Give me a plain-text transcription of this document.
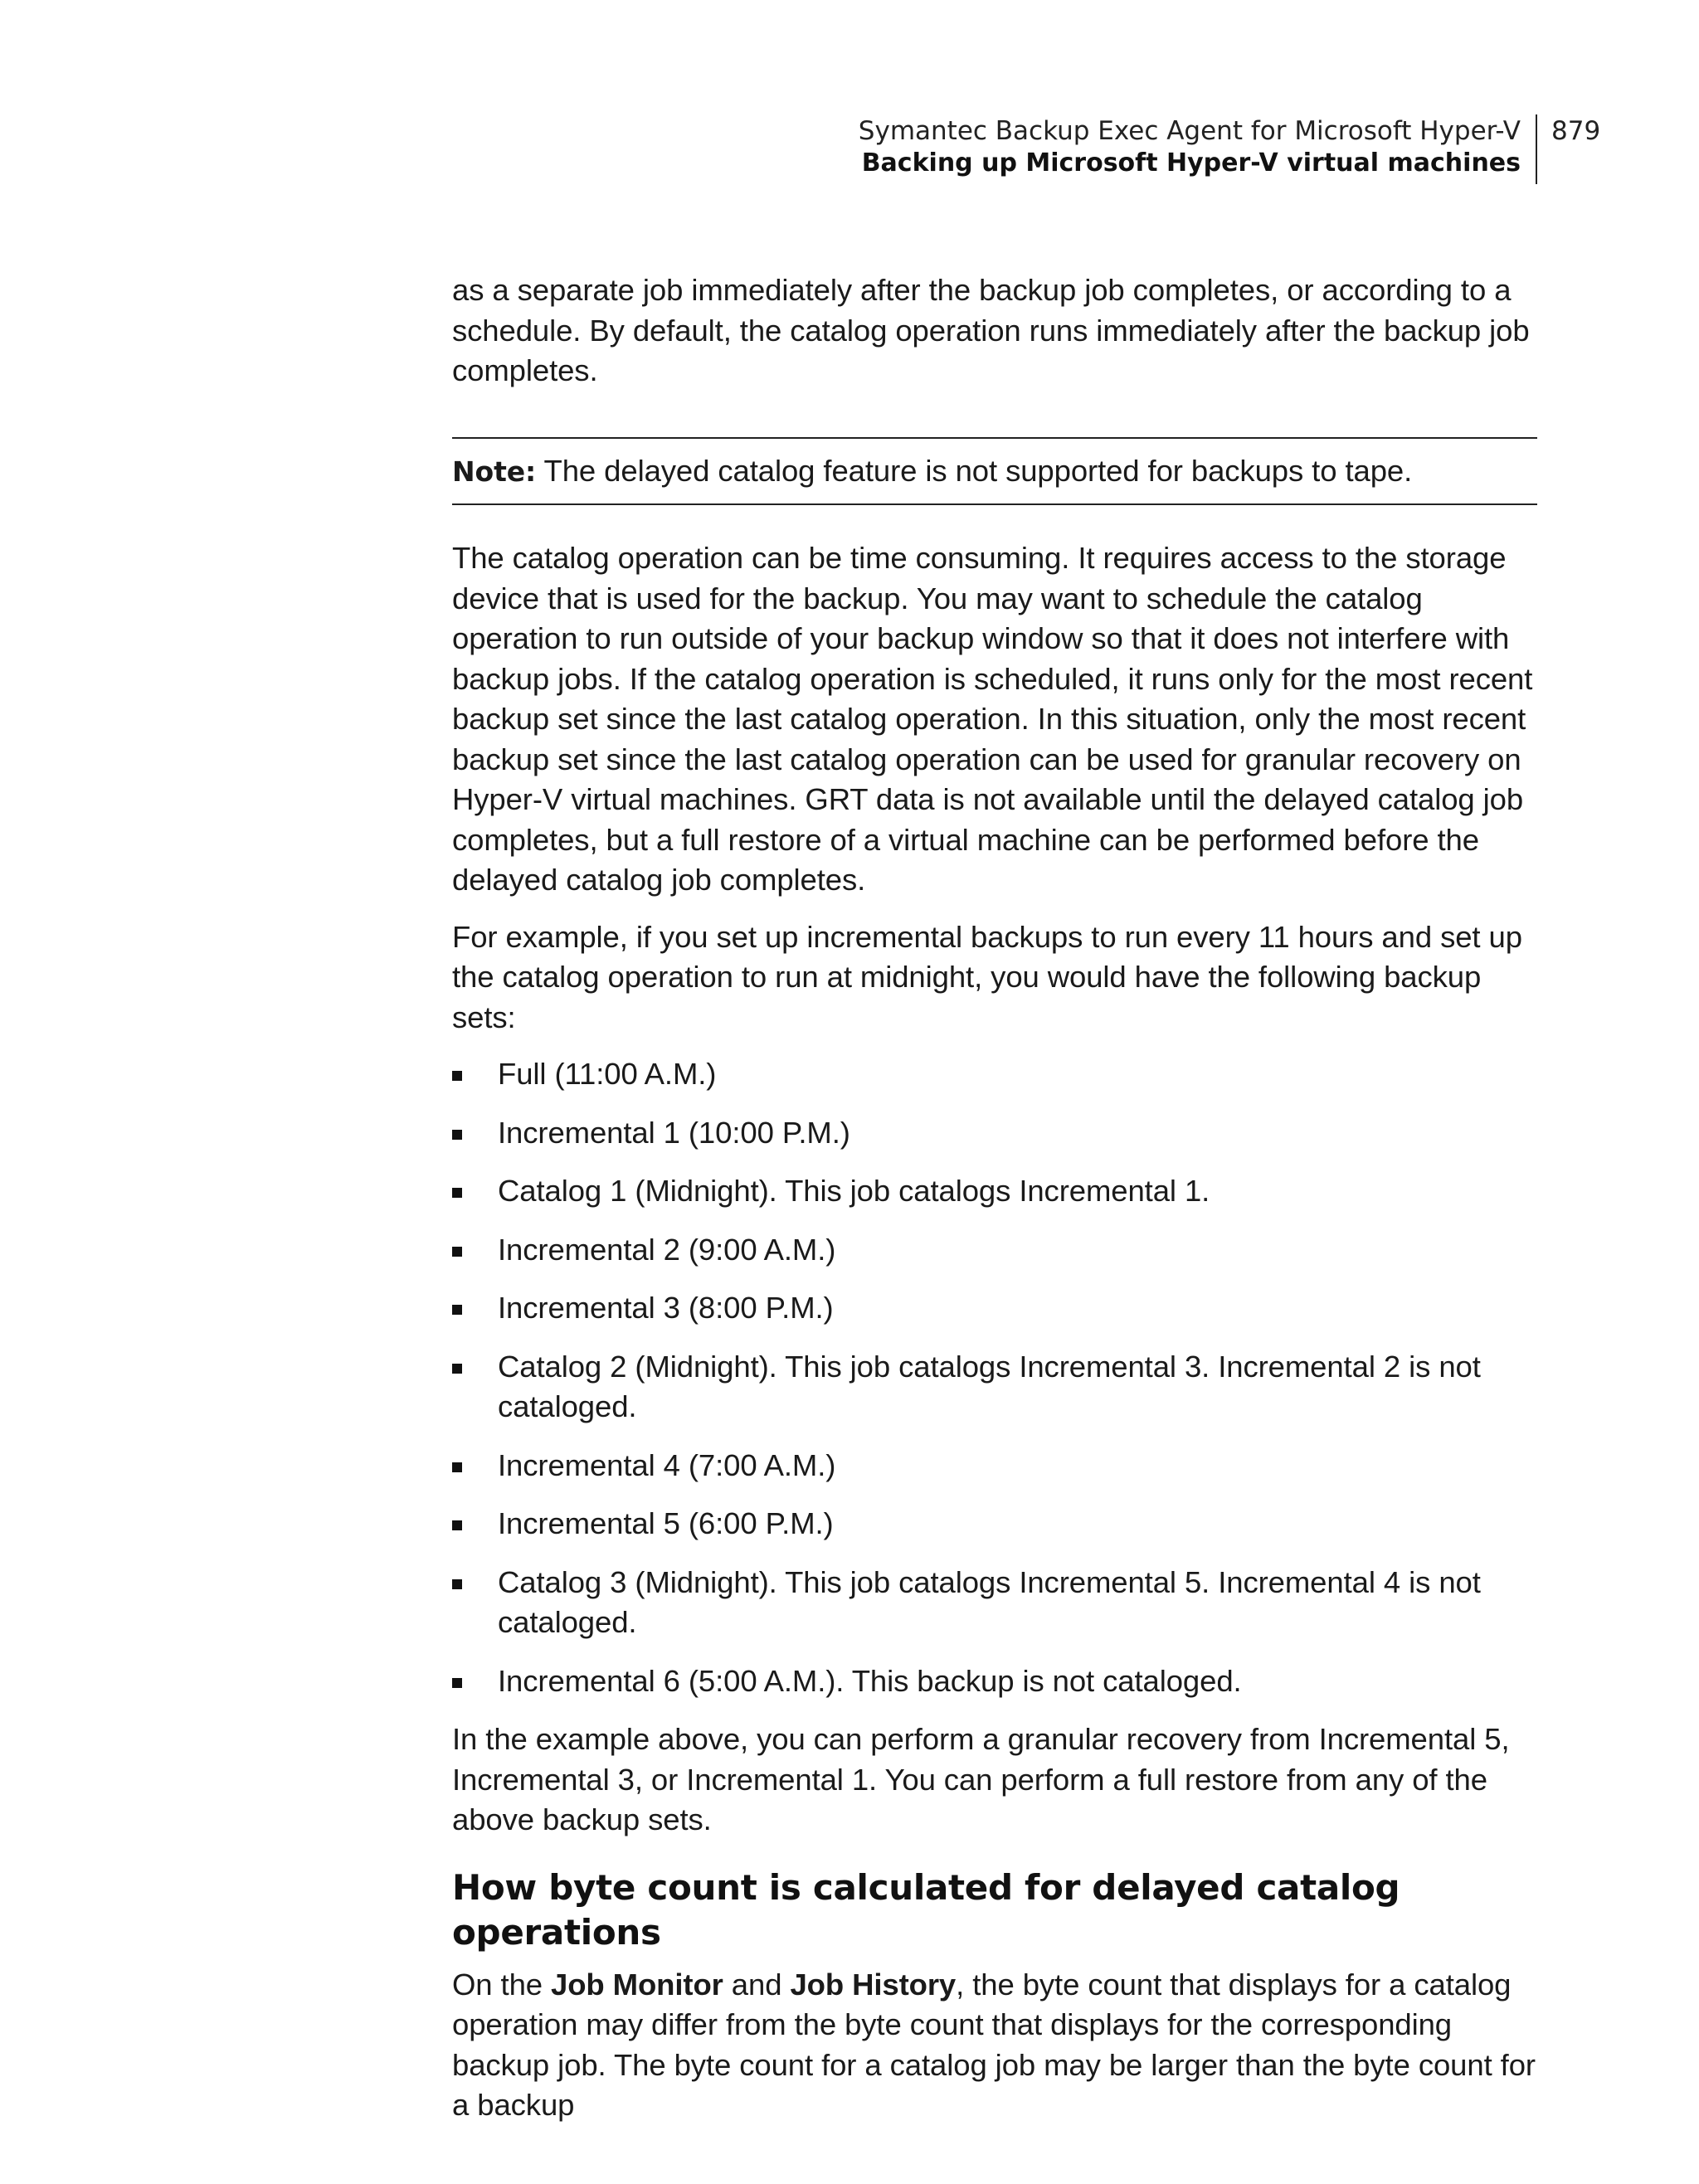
Symantec Backup Exec Agent for Microsoft Hyper-V
Backing up Microsoft Hyper-V virtual machines
879

as a separate job immediately after the backup job completes, or according to a schedule. By default, the catalog operation runs immediately after the backup job completes.

Note: The delayed catalog feature is not supported for backups to tape.

The catalog operation can be time consuming. It requires access to the storage device that is used for the backup. You may want to schedule the catalog operation to run outside of your backup window so that it does not interfere with backup jobs. If the catalog operation is scheduled, it runs only for the most recent backup set since the last catalog operation. In this situation, only the most recent backup set since the last catalog operation can be used for granular recovery on Hyper-V virtual machines. GRT data is not available until the delayed catalog job completes, but a full restore of a virtual machine can be performed before the delayed catalog job completes.

For example, if you set up incremental backups to run every 11 hours and set up the catalog operation to run at midnight, you would have the following backup sets:

Full (11:00 A.M.)
Incremental 1 (10:00 P.M.)
Catalog 1 (Midnight). This job catalogs Incremental 1.
Incremental 2 (9:00 A.M.)
Incremental 3 (8:00 P.M.)
Catalog 2 (Midnight). This job catalogs Incremental 3. Incremental 2 is not cataloged.
Incremental 4 (7:00 A.M.)
Incremental 5 (6:00 P.M.)
Catalog 3 (Midnight). This job catalogs Incremental 5. Incremental 4 is not cataloged.
Incremental 6 (5:00 A.M.). This backup is not cataloged.

In the example above, you can perform a granular recovery from Incremental 5, Incremental 3, or Incremental 1. You can perform a full restore from any of the above backup sets.

How byte count is calculated for delayed catalog operations

On the Job Monitor and Job History, the byte count that displays for a catalog operation may differ from the byte count that displays for the corresponding backup job. The byte count for a catalog job may be larger than the byte count for a backup
